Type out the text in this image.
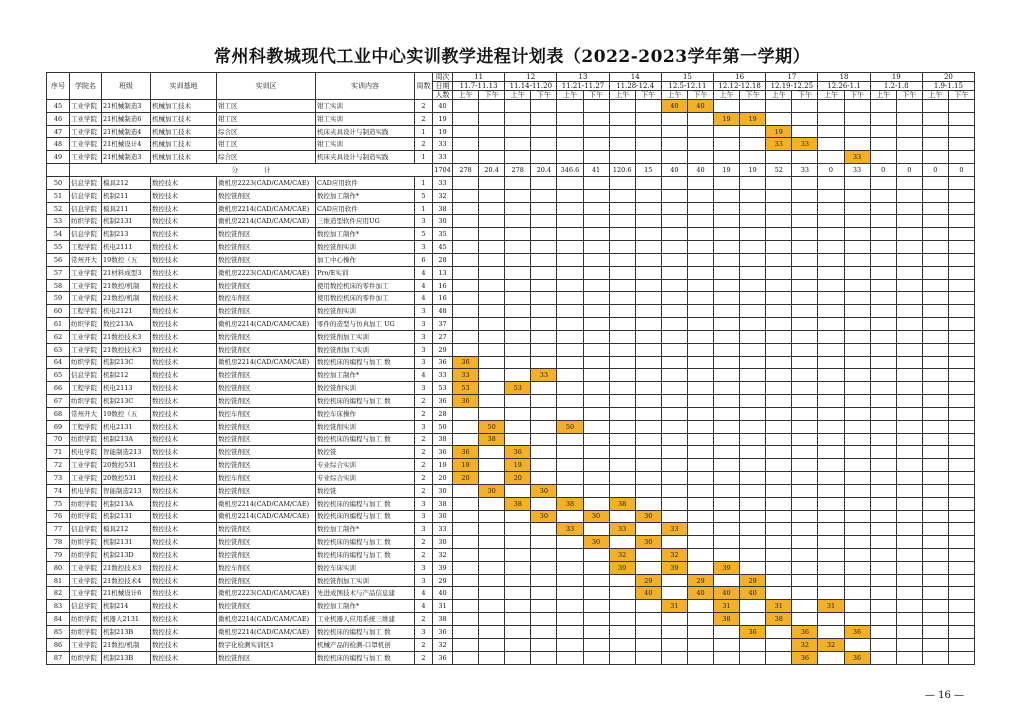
常州科教城现代工业中心实训教学进程计划表（2022-2023学年第一学期）
序号	学院名	班级	实训基地	实训区	实训内容	周数	周次	11		12		13		14		15		16		17		18		19		20	
							日期	11.7-11.13		11.14-11.20		11.21-11.27		11.28-12.4		12.5-12.11		12.12-12.18		12.19-12.25		12.26-1.1		1.2-1.8		1.9-1.15	
							人数	上午	下午	上午	下午	上午	下午	上午	下午	上午	下午	上午	下午	上午	下午	上午	下午	上午	下午	上午	下午
45	工业学院	21机械制造3	机械加工技术	钳工区	钳工实训	2	40									40	40										
46	工业学院	21机械制造6	机械加工技术	钳工区	钳工实训	2	19											19	19								
47	工业学院	21机械制造4	机械加工技术	综合区	机床夹具设计与制造实践	1	19													19							
48	工业学院	21机械设计4	机械加工技术	钳工区	钳工实训	2	33													33	33						
49	工业学院	21机械制造3	机械加工技术	综合区	机床夹具设计与制造实践	1	33																33				
	分　　　　计						1704	278	20.4	278	20.4	346.6	41	120.6	15	40	40	19	19	52	33	0	33	0	0	0	0
50	信息学院	模具212	数控技术	微机房2223(CAD/CAM/CAE)	CAD应用软件	1	33																				
51	信息学院	机制211	数控技术	数控铣削区	数控加工制作*	5	32																				
52	信息学院	模具211	数控技术	微机房2214(CAD/CAM/CAE)	CAD应用软件	1	38																				
53	纺织学院	机制2131	数控技术	微机房2214(CAD/CAM/CAE)	三维造型软件应用UG	3	30																				
54	信息学院	机制213	数控技术	数控铣削区	数控加工制作*	5	35																				
55	工程学院	机电2111	数控技术	数控铣削区	数控铣削实训	3	45																				
56	常州开大	19数控（五	数控技术	数控铣削区	加工中心操作	6	28																				
57	工业学院	21材料成型3	数控技术	微机房2223(CAD/CAM/CAE)	Pro/E实训	4	13																				
58	工业学院	21数控/机制	数控技术	数控铣削区	使用数控机床的零件加工	4	16																				
59	工业学院	21数控/机制	数控技术	数控车削区	使用数控机床的零件加工	4	16																				
60	工程学院	机电2121	数控技术	数控铣削区	数控铣削实训	3	48																				
61	纺织学院	数控213A	数控技术	微机房2214(CAD/CAM/CAE)	零件的造型与仿真加工 UG	3	37																				
62	工业学院	21数控技术3	数控技术	数控铣削区	数控铣削加工实训	3	27																				
63	工业学院	21数控技术3	数控技术	数控铣削区	数控铣削加工实训	3	29																				
64	纺织学院	机制213C	数控技术	微机房2214(CAD/CAM/CAE)	数控机床的编程与加工 数	3	36	36																			
65	信息学院	机制212	数控技术	数控铣削区	数控加工制作*	4	33	33			33																
66	工程学院	机电2113	数控技术	数控铣削区	数控铣削实训	3	53	53		53																	
67	纺织学院	机制213C	数控技术	数控铣削区	数控机床的编程与加工 数	2	36	36																			
68	常州开大	19数控（五	数控技术	数控车削区	数控车床操作	2	28																				
69	工程学院	机电2131	数控技术	数控铣削区	数控铣削实训	3	50		50			50															
70	纺织学院	机制213A	数控技术	数控铣削区	数控机床的编程与加工 数	2	38		38																		
71	机电学院	智能制造213	数控技术	数控铣削区	数控铣	2	36	36		36																	
72	工业学院	20数控531	数控技术	数控铣削区	专业综合实训	2	19	19		19																	
73	工业学院	20数控531	数控技术	数控车削区	专业综合实训	2	20	20		20																	
74	机电学院	智能制造213	数控技术	数控铣削区	数控铣	2	30		30		30																
75	纺织学院	机制213A	数控技术	微机房2214(CAD/CAM/CAE)	数控机床的编程与加工 数	3	38			38		38		38													
76	纺织学院	机制2131	数控技术	微机房2214(CAD/CAM/CAE)	数控机床的编程与加工 数	3	30				30		30		30												
77	信息学院	模具212	数控技术	数控铣削区	数控加工制作*	3	33					33		33		33											
78	纺织学院	机制2131	数控技术	数控铣削区	数控机床的编程与加工 数	2	30						30		30												
79	纺织学院	机制213D	数控技术	数控铣削区	数控机床的编程与加工 数	2	32							32		32											
80	工业学院	21数控技术3	数控技术	数控车削区	数控车床实训	3	39							39		39		39									
81	工业学院	21数控技术4	数控技术	数控铣削区	数控铣削加工实训	3	29								29		29		29								
82	工业学院	21机械设计6	数控技术	微机房2223(CAD/CAM/CAE)	先进成图技术与产品信息建	4	40								40		40	40	40								
83	信息学院	机制214	数控技术	数控铣削区	数控加工制作*	4	31									31		31		31		31					
84	纺织学院	机器人2131	数控技术	微机房2214(CAD/CAM/CAE)	工业机器人应用系统三维建	2	38											38		38							
85	纺织学院	机制213B	数控技术	微机房2214(CAD/CAM/CAE)	数控机床的编程与加工 数	3	36												36		36		36				
86	工业学院	21数控/机制	数控技术	数字化检测实训区1	机械产品的检测-口罩机创	2	32														32	32					
87	纺织学院	机制213B	数控技术	数控铣削区	数控机床的编程与加工 数	2	36														36		36				
— 16 —
